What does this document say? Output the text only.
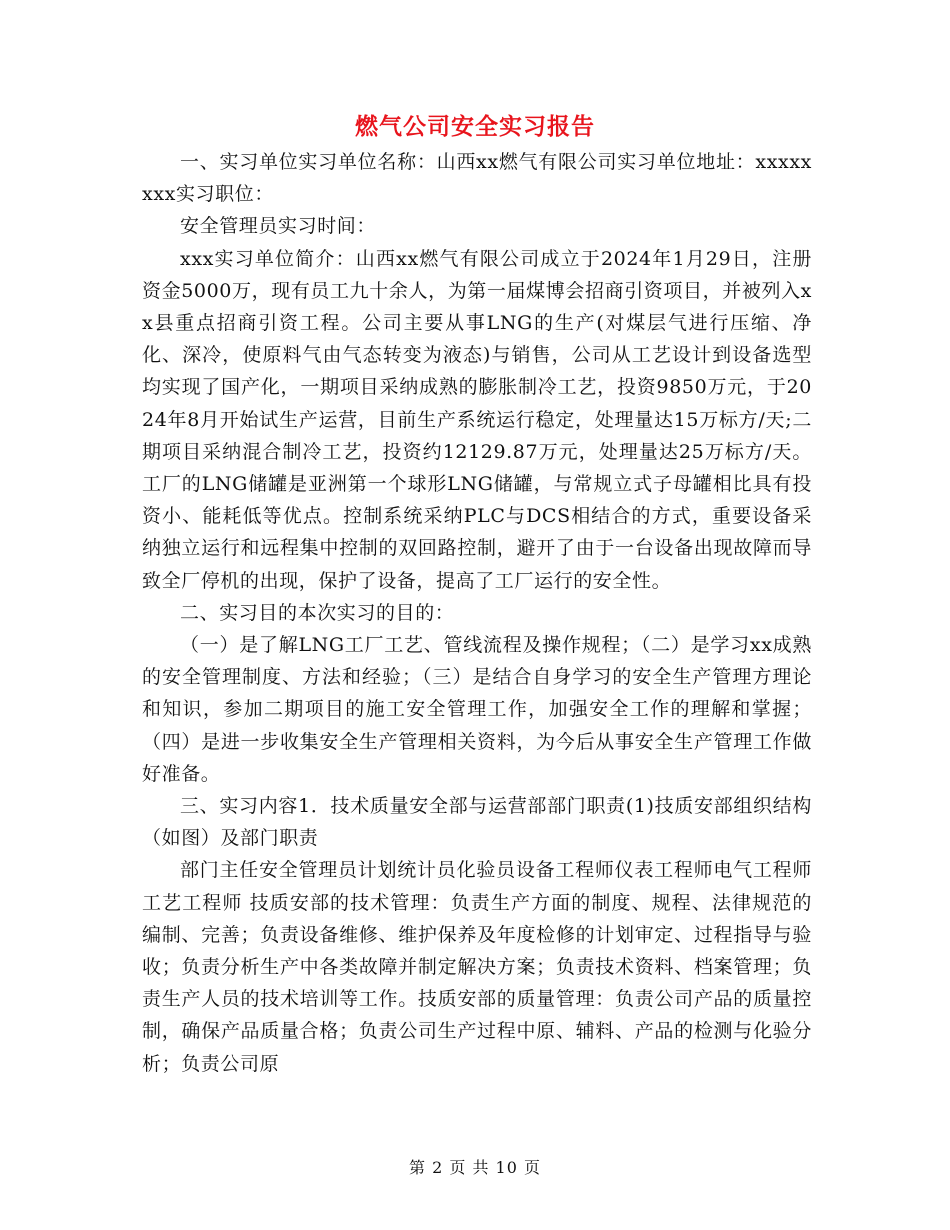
燃气公司安全实习报告

一、实习单位实习单位名称：山西xx燃气有限公司实习单位地址：xxxxxxxx实习职位：

安全管理员实习时间：

xxx实习单位简介：山西xx燃气有限公司成立于2024年1月29日，注册资金5000万，现有员工九十余人，为第一届煤博会招商引资项目，并被列入xx县重点招商引资工程。公司主要从事LNG的生产(对煤层气进行压缩、净化、深冷，使原料气由气态转变为液态)与销售，公司从工艺设计到设备选型均实现了国产化，一期项目采纳成熟的膨胀制冷工艺，投资9850万元，于2024年8月开始试生产运营，目前生产系统运行稳定，处理量达15万标方/天;二期项目采纳混合制冷工艺，投资约12129.87万元，处理量达25万标方/天。工厂的LNG储罐是亚洲第一个球形LNG储罐，与常规立式子母罐相比具有投资小、能耗低等优点。控制系统采纳PLC与DCS相结合的方式，重要设备采纳独立运行和远程集中控制的双回路控制，避开了由于一台设备出现故障而导致全厂停机的出现，保护了设备，提高了工厂运行的安全性。

二、实习目的本次实习的目的：

（一）是了解LNG工厂工艺、管线流程及操作规程；（二）是学习xx成熟的安全管理制度、方法和经验；（三）是结合自身学习的安全生产管理方理论和知识，参加二期项目的施工安全管理工作，加强安全工作的理解和掌握；（四）是进一步收集安全生产管理相关资料，为今后从事安全生产管理工作做好准备。

三、实习内容1．技术质量安全部与运营部部门职责(1)技质安部组织结构（如图）及部门职责

部门主任安全管理员计划统计员化验员设备工程师仪表工程师电气工程师工艺工程师 技质安部的技术管理：负责生产方面的制度、规程、法律规范的编制、完善；负责设备维修、维护保养及年度检修的计划审定、过程指导与验收；负责分析生产中各类故障并制定解决方案；负责技术资料、档案管理；负责生产人员的技术培训等工作。技质安部的质量管理：负责公司产品的质量控制，确保产品质量合格；负责公司生产过程中原、辅料、产品的检测与化验分析；负责公司原

第 2 页 共 10 页
